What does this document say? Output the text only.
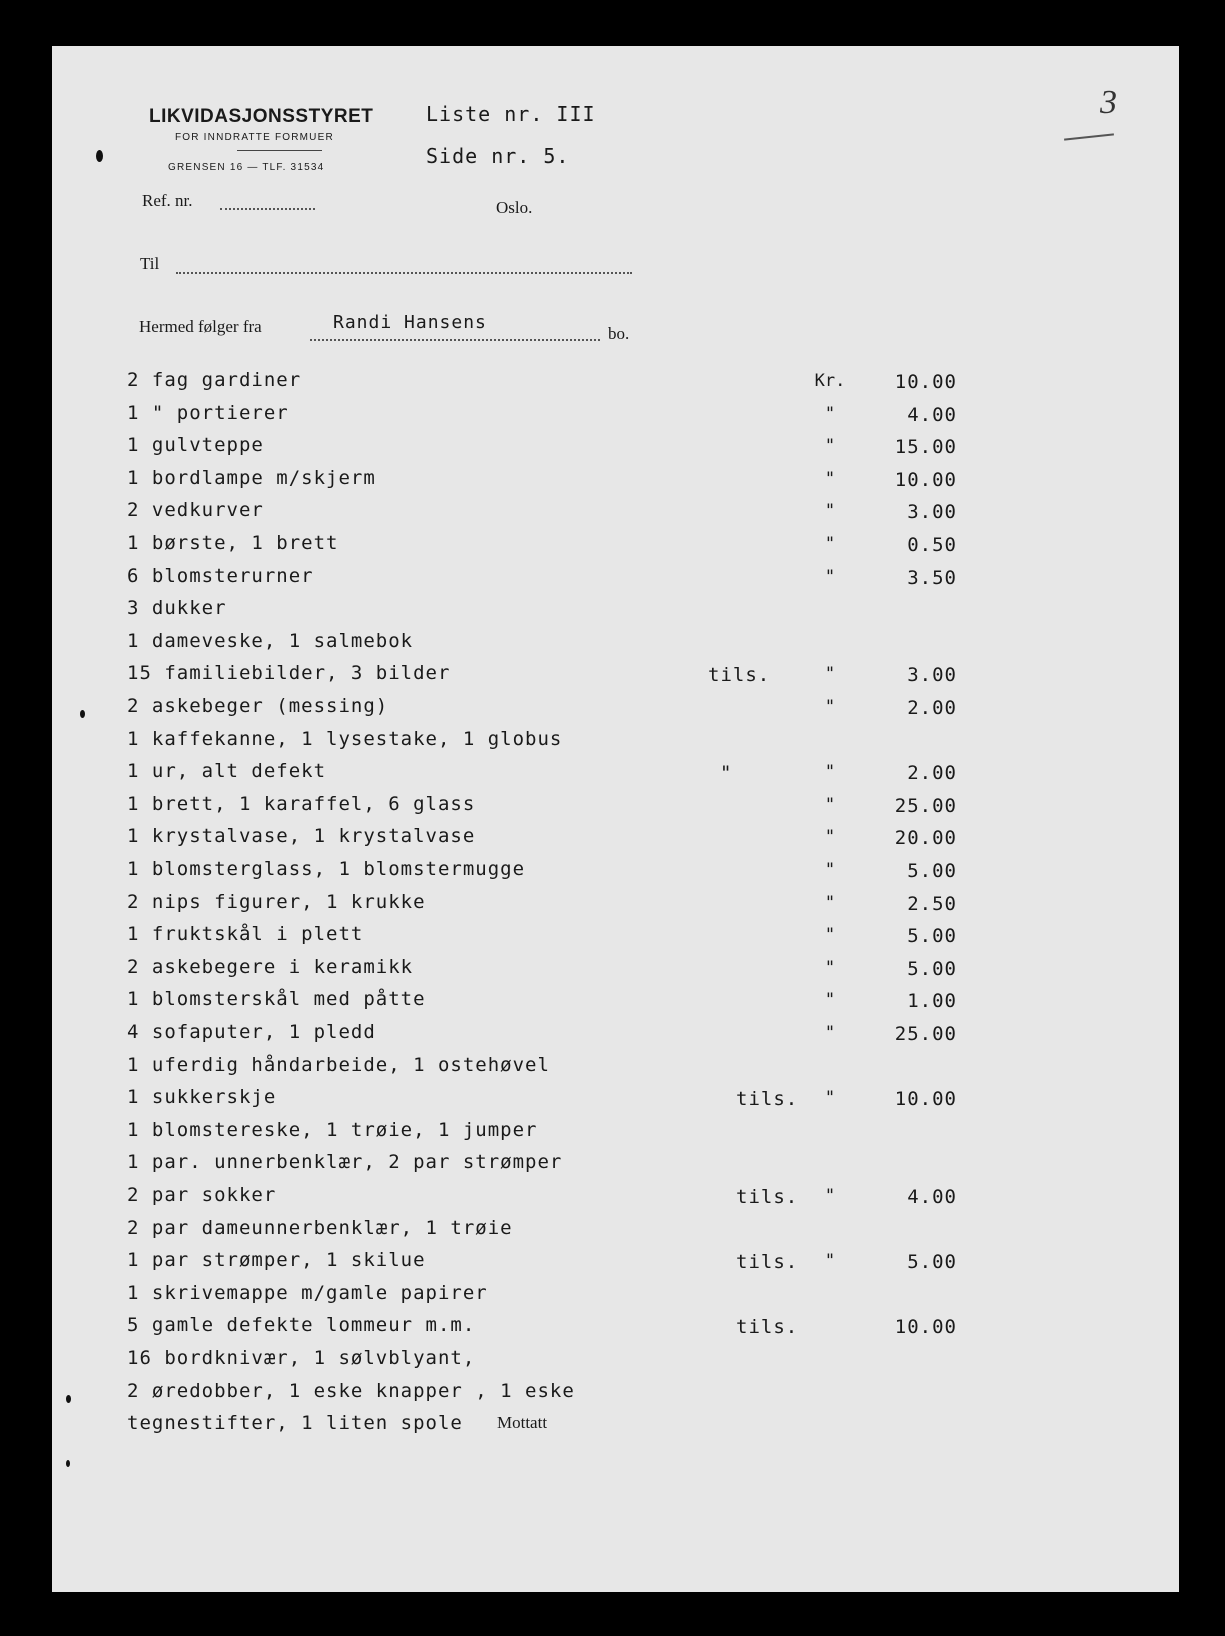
LIKVIDASJONSSTYRET
FOR INNDRATTE FORMUER
GRENSEN 16 — TLF. 31534
Liste nr. III
Side nr. 5.
3
Ref. nr.	Oslo.
Til
Hermed følger fra	Randi Hansens
bo.
2 fag gardiner	Kr.	10.00
1 " portierer	"	4.00
1 gulvteppe	"	15.00
1 bordlampe m/skjerm	"	10.00
2 vedkurver	"	3.00
1 børste, 1 brett	"	0.50
6 blomsterurner	"	3.50
3 dukker
1 dameveske, 1 salmebok
15 familiebilder, 3 bilder	tils.	"	3.00
2 askebeger (messing)	"	2.00
1 kaffekanne, 1 lysestake, 1 globus
1 ur, alt defekt	"	"	2.00
1 brett, 1 karaffel, 6 glass	"	25.00
1 krystalvase, 1 krystalvase	"	20.00
1 blomsterglass, 1 blomstermugge	"	5.00
2 nips figurer, 1 krukke	"	2.50
1 fruktskål i plett	"	5.00
2 askebegere i keramikk	"	5.00
1 blomsterskål med påtte	"	1.00
4 sofaputer, 1 pledd	"	25.00
1 uferdig håndarbeide, 1 ostehøvel
1 sukkerskje	tils.	"	10.00
1 blomstereske, 1 trøie, 1 jumper
1 par. unnerbenklær, 2 par strømper
2 par sokker	tils.	"	4.00
2 par dameunnerbenklær, 1 trøie
1 par strømper, 1 skilue	tils.	"	5.00
1 skrivemappe m/gamle papirer
5 gamle defekte lommeur m.m.	tils.	10.00
16 bordknivær, 1 sølvblyant,
2 øredobber, 1 eske knapper , 1 eske
tegnestifter, 1 liten spole Mottatt
